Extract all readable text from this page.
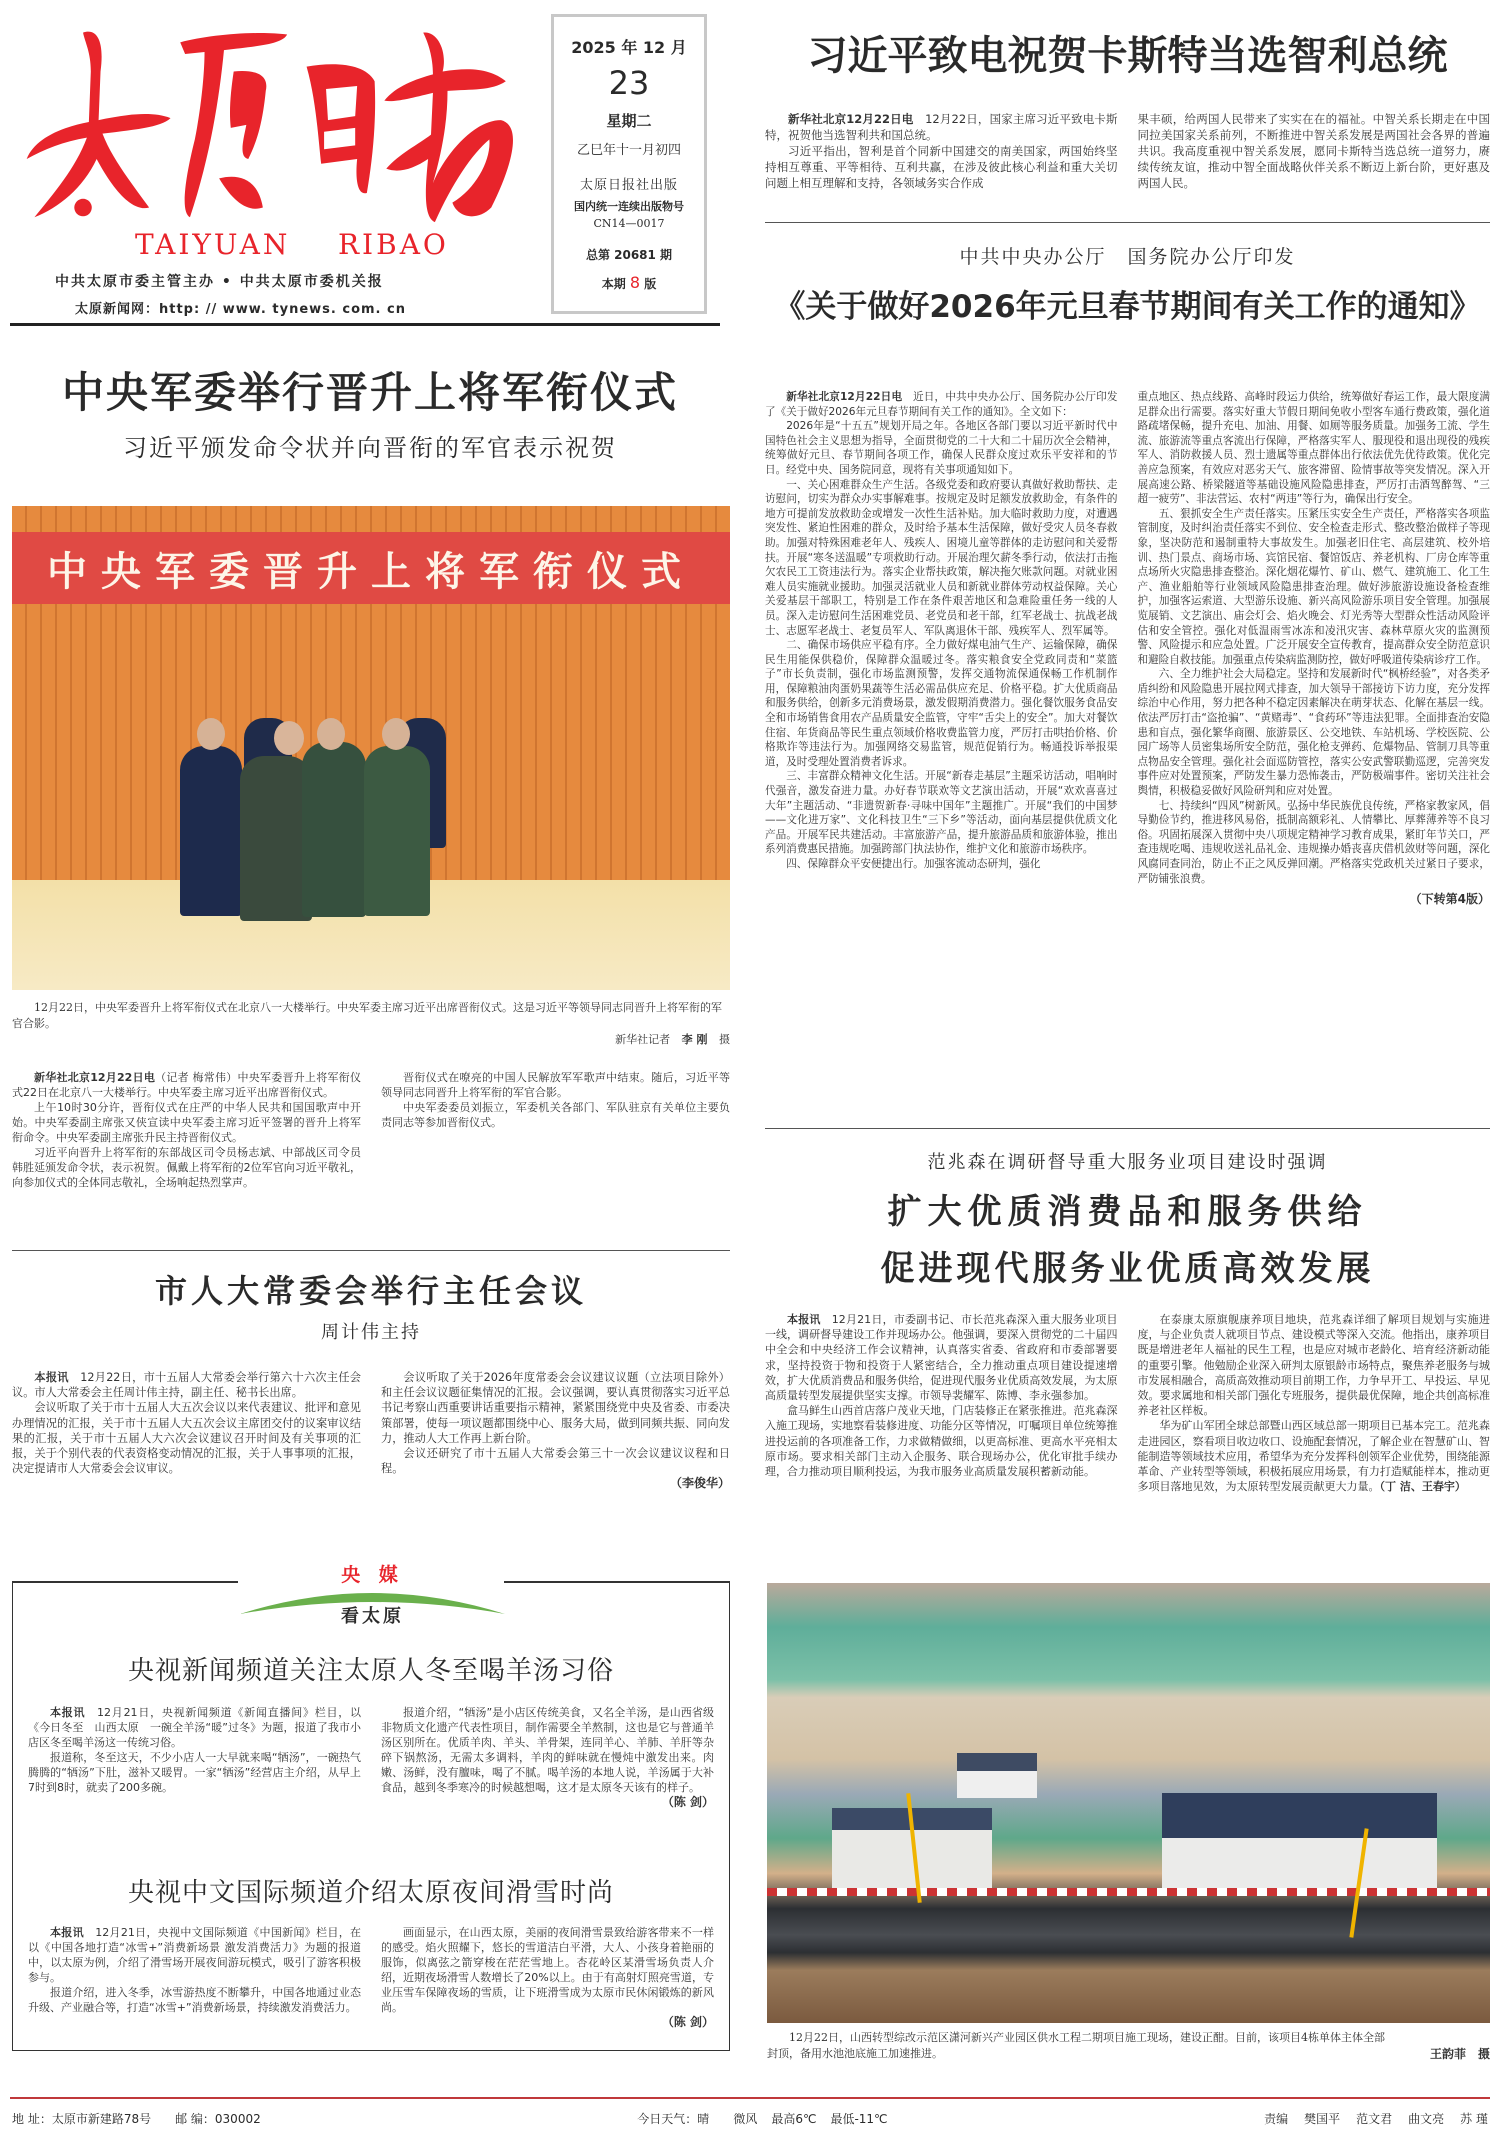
TAIYUAN    RIBAO
中共太原市委主管主办 • 中共太原市委机关报
太原新闻网：http: // www. tynews. com. cn
2025 年 12 月
23
星期二
乙巳年十一月初四
太原日报社出版
国内统一连续出版物号
CN14—0017
总第 20681 期
本期 8 版
习近平致电祝贺卡斯特当选智利总统

新华社北京12月22日电　 12月22日，国家主席习近平致电卡斯特，祝贺他当选智利共和国总统。

习近平指出，智利是首个同新中国建交的南美国家，两国始终坚持相互尊重、平等相待、互利共赢，在涉及彼此核心利益和重大关切问题上相互理解和支持，各领域务实合作成

果丰硕，给两国人民带来了实实在在的福祉。中智关系长期走在中国同拉美国家关系前列，不断推进中智关系发展是两国社会各界的普遍共识。我高度重视中智关系发展，愿同卡斯特当选总统一道努力，赓续传统友谊，推动中智全面战略伙伴关系不断迈上新台阶，更好惠及两国人民。

中共中央办公厅　国务院办公厅印发
《关于做好2026年元旦春节期间有关工作的通知》

新华社北京12月22日电　 近日，中共中央办公厅、国务院办公厅印发了《关于做好2026年元旦春节期间有关工作的通知》。全文如下：

2026年是“十五五”规划开局之年。各地区各部门要以习近平新时代中国特色社会主义思想为指导，全面贯彻党的二十大和二十届历次全会精神，统筹做好元旦、春节期间各项工作，确保人民群众度过欢乐平安祥和的节日。经党中央、国务院同意，现将有关事项通知如下。

一、关心困难群众生产生活。各级党委和政府要认真做好救助帮扶、走访慰问，切实为群众办实事解难事。按规定及时足额发放救助金，有条件的地方可提前发放救助金或增发一次性生活补贴。加大临时救助力度，对遭遇突发性、紧迫性困难的群众，及时给予基本生活保障，做好受灾人员冬春救助。加强对特殊困难老年人、残疾人、困境儿童等群体的走访慰问和关爱帮扶。开展“寒冬送温暖”专项救助行动。开展治理欠薪冬季行动，依法打击拖欠农民工工资违法行为。落实企业帮扶政策，解决拖欠账款问题。对就业困难人员实施就业援助。加强灵活就业人员和新就业群体劳动权益保障。关心关爱基层干部职工，特别是工作在条件艰苦地区和急难险重任务一线的人员。深入走访慰问生活困难党员、老党员和老干部，红军老战士、抗战老战士、志愿军老战士、老复员军人、军队离退休干部、残疾军人、烈军属等。

二、确保市场供应平稳有序。全力做好煤电油气生产、运输保障，确保民生用能保供稳价，保障群众温暖过冬。落实粮食安全党政同责和“菜篮子”市长负责制，强化市场监测预警，发挥交通物流保通保畅工作机制作用，保障粮油肉蛋奶果蔬等生活必需品供应充足、价格平稳。扩大优质商品和服务供给，创新多元消费场景，激发假期消费潜力。强化餐饮服务食品安全和市场销售食用农产品质量安全监管，守牢“舌尖上的安全”。加大对餐饮住宿、年货商品等民生重点领域价格收费监管力度，严厉打击哄抬价格、价格欺诈等违法行为。加强网络交易监管，规范促销行为。畅通投诉举报渠道，及时受理处置消费者诉求。

三、丰富群众精神文化生活。开展“新春走基层”主题采访活动，唱响时代强音，激发奋进力量。办好春节联欢等文艺演出活动，开展“欢欢喜喜过大年”主题活动、“非遗贺新春·寻味中国年”主题推广。开展“我们的中国梦——文化进万家”、文化科技卫生“三下乡”等活动，面向基层提供优质文化产品。开展军民共建活动。丰富旅游产品，提升旅游品质和旅游体验，推出系列消费惠民措施。加强跨部门执法协作，维护文化和旅游市场秩序。

四、保障群众平安便捷出行。加强客流动态研判，强化

重点地区、热点线路、高峰时段运力供给，统筹做好春运工作，最大限度满足群众出行需要。落实好重大节假日期间免收小型客车通行费政策，强化道路疏堵保畅，提升充电、加油、用餐、如厕等服务质量。加强务工流、学生流、旅游流等重点客流出行保障，严格落实军人、服现役和退出现役的残疾军人、消防救援人员、烈士遗属等重点群体出行依法优先优待政策。优化完善应急预案，有效应对恶劣天气、旅客滞留、险情事故等突发情况。深入开展高速公路、桥梁隧道等基础设施风险隐患排查，严厉打击酒驾醉驾、“三超一疲劳”、非法营运、农村“两违”等行为，确保出行安全。

五、狠抓安全生产责任落实。压紧压实安全生产责任，严格落实各项监管制度，及时纠治责任落实不到位、安全检查走形式、整改整治做样子等现象，坚决防范和遏制重特大事故发生。加强老旧住宅、高层建筑、校外培训、热门景点、商场市场、宾馆民宿、餐馆饭店、养老机构、厂房仓库等重点场所火灾隐患排查整治。深化烟花爆竹、矿山、燃气、建筑施工、化工生产、渔业船舶等行业领域风险隐患排查治理。做好涉旅游设施设备检查维护，加强客运索道、大型游乐设施、新兴高风险游乐项目安全管理。加强展览展销、文艺演出、庙会灯会、焰火晚会、灯光秀等大型群众性活动风险评估和安全管控。强化对低温雨雪冰冻和凌汛灾害、森林草原火灾的监测预警、风险提示和应急处置。广泛开展安全宣传教育，提高群众安全防范意识和避险自救技能。加强重点传染病监测防控，做好呼吸道传染病诊疗工作。

六、全力维护社会大局稳定。坚持和发展新时代“枫桥经验”，对各类矛盾纠纷和风险隐患开展拉网式排查，加大领导干部接访下访力度，充分发挥综治中心作用，努力把各种不稳定因素解决在萌芽状态、化解在基层一线。依法严厉打击“盗抢骗”、“黄赌毒”、“食药环”等违法犯罪。全面排查治安隐患和盲点，强化繁华商圈、旅游景区、公交地铁、车站机场、学校医院、公园广场等人员密集场所安全防范，强化枪支弹药、危爆物品、管制刀具等重点物品安全管理。强化社会面巡防管控，落实公安武警联勤巡逻，完善突发事件应对处置预案，严防发生暴力恐怖袭击，严防极端事件。密切关注社会舆情，积极稳妥做好风险研判和应对处置。

七、持续纠“四风”树新风。弘扬中华民族优良传统，严格家教家风，倡导勤俭节约，推进移风易俗，抵制高额彩礼、人情攀比、厚葬薄养等不良习俗。巩固拓展深入贯彻中央八项规定精神学习教育成果，紧盯年节关口，严查违规吃喝、违规收送礼品礼金、违规操办婚丧喜庆借机敛财等问题，深化风腐同查同治，防止不正之风反弹回潮。严格落实党政机关过紧日子要求，严防铺张浪费。

（下转第4版）

范兆森在调研督导重大服务业项目建设时强调
扩大优质消费品和服务供给
促进现代服务业优质高效发展

本报讯　 12月21日，市委副书记、市长范兆森深入重大服务业项目一线，调研督导建设工作并现场办公。他强调，要深入贯彻党的二十届四中全会和中央经济工作会议精神，认真落实省委、省政府和市委部署要求，坚持投资于物和投资于人紧密结合，全力推动重点项目建设提速增效，扩大优质消费品和服务供给，促进现代服务业优质高效发展，为太原高质量转型发展提供坚实支撑。市领导裴耀军、陈博、李永强参加。

盒马鲜生山西首店落户茂业天地，门店装修正在紧张推进。范兆森深入施工现场，实地察看装修进度、功能分区等情况，叮嘱项目单位统筹推进投运前的各项准备工作，力求做精做细，以更高标准、更高水平亮相太原市场。要求相关部门主动入企服务、联合现场办公，优化审批手续办理，合力推动项目顺利投运，为我市服务业高质量发展积蓄新动能。

在泰康太原旗舰康养项目地块，范兆森详细了解项目规划与实施进度，与企业负责人就项目节点、建设模式等深入交流。他指出，康养项目既是增进老年人福祉的民生工程，也是应对城市老龄化、培育经济新动能的重要引擎。他勉励企业深入研判太原银龄市场特点，聚焦养老服务与城市发展相融合，高质高效推动项目前期工作，力争早开工、早投运、早见效。要求属地和相关部门强化专班服务，提供最优保障，地企共创高标准养老社区样板。

华为矿山军团全球总部暨山西区域总部一期项目已基本完工。范兆森走进园区，察看项目收边收口、设施配套情况，了解企业在智慧矿山、智能制造等领域技术应用，希望华为充分发挥科创领军企业优势，围绕能源革命、产业转型等领域，积极拓展应用场景，有力打造赋能样本，推动更多项目落地见效，为太原转型发展贡献更大力量。（丁 洁、王春宇）

12月22日，山西转型综改示范区潇河新兴产业园区供水工程二期项目施工现场，建设正酣。目前，该项目4栋单体主体全部封顶，备用水池池底施工加速推进。	王韵菲　摄
中央军委举行晋升上将军衔仪式
习近平颁发命令状并向晋衔的军官表示祝贺
中央军委晋升上将军衔仪式
12月22日，中央军委晋升上将军衔仪式在北京八一大楼举行。中央军委主席习近平出席晋衔仪式。这是习近平等领导同志同晋升上将军衔的军官合影。
新华社记者 李 刚 摄

新华社北京12月22日电（记者 梅常伟）中央军委晋升上将军衔仪式22日在北京八一大楼举行。中央军委主席习近平出席晋衔仪式。

上午10时30分许，晋衔仪式在庄严的中华人民共和国国歌声中开始。中央军委副主席张又侠宣读中央军委主席习近平签署的晋升上将军衔命令。中央军委副主席张升民主持晋衔仪式。

习近平向晋升上将军衔的东部战区司令员杨志斌、中部战区司令员韩胜延颁发命令状，表示祝贺。佩戴上将军衔的2位军官向习近平敬礼，向参加仪式的全体同志敬礼，全场响起热烈掌声。

晋衔仪式在嘹亮的中国人民解放军军歌声中结束。随后，习近平等领导同志同晋升上将军衔的军官合影。

中央军委委员刘振立，军委机关各部门、军队驻京有关单位主要负责同志等参加晋衔仪式。

市人大常委会举行主任会议
周计伟主持

本报讯　 12月22日，市十五届人大常委会举行第六十六次主任会议。市人大常委会主任周计伟主持，副主任、秘书长出席。

会议听取了关于市十五届人大五次会议以来代表建议、批评和意见办理情况的汇报，关于市十五届人大五次会议主席团交付的议案审议结果的汇报，关于市十五届人大六次会议建议召开时间及有关事项的汇报，关于个别代表的代表资格变动情况的汇报，关于人事事项的汇报，决定提请市人大常委会会议审议。

会议听取了关于2026年度常委会会议建议议题（立法项目除外）和主任会议议题征集情况的汇报。会议强调，要认真贯彻落实习近平总书记考察山西重要讲话重要指示精神，紧紧围绕党中央及省委、市委决策部署，使每一项议题都围绕中心、服务大局，做到同频共振、同向发力，推动人大工作再上新台阶。

会议还研究了市十五届人大常委会第三十一次会议建议议程和日程。

（李俊华）

央 媒
看太原
央视新闻频道关注太原人冬至喝羊汤习俗

本报讯　 12月21日，央视新闻频道《新闻直播间》栏目，以《今日冬至　山西太原　一碗全羊汤“暖”过冬》为题，报道了我市小店区冬至喝羊汤这一传统习俗。

报道称，冬至这天，不少小店人一大早就来喝“牺汤”，一碗热气腾腾的“牺汤”下肚，滋补又暖胃。一家“牺汤”经营店主介绍，从早上7时到8时，就卖了200多碗。

报道介绍，“牺汤”是小店区传统美食，又名全羊汤，是山西省级非物质文化遗产代表性项目，制作需要全羊熬制，这也是它与普通羊汤区别所在。优质羊肉、羊头、羊骨架，连同羊心、羊肺、羊肝等杂碎下锅熬汤，无需太多调料，羊肉的鲜味就在慢炖中激发出来。肉嫩、汤鲜，没有膻味，喝了不腻。喝羊汤的本地人说，羊汤属于大补食品，越到冬季寒冷的时候越想喝，这才是太原冬天该有的样子。

（陈 剑）

央视中文国际频道介绍太原夜间滑雪时尚

本报讯　 12月21日，央视中文国际频道《中国新闻》栏目，在以《中国各地打造“冰雪+”消费新场景 激发消费活力》为题的报道中，以太原为例，介绍了滑雪场开展夜间游玩模式，吸引了游客积极参与。

报道介绍，进入冬季，冰雪游热度不断攀升，中国各地通过业态升级、产业融合等，打造“冰雪+”消费新场景，持续激发消费活力。

画面显示，在山西太原，美丽的夜间滑雪景致给游客带来不一样的感受。焰火照耀下，悠长的雪道洁白平滑，大人、小孩身着艳丽的服饰，似离弦之箭穿梭在茫茫雪地上。杏花岭区某滑雪场负责人介绍，近期夜场滑雪人数增长了20%以上。由于有高射灯照亮雪道，专业压雪车保障夜场的雪质，让下班滑雪成为太原市民休闲锻炼的新风尚。

（陈 剑）

地 址：太原市新建路78号 邮 编：030002	今日天气：晴 微风 最高6℃ 最低-11℃	责编 樊国平 范文君 曲文亮 苏 瑾
